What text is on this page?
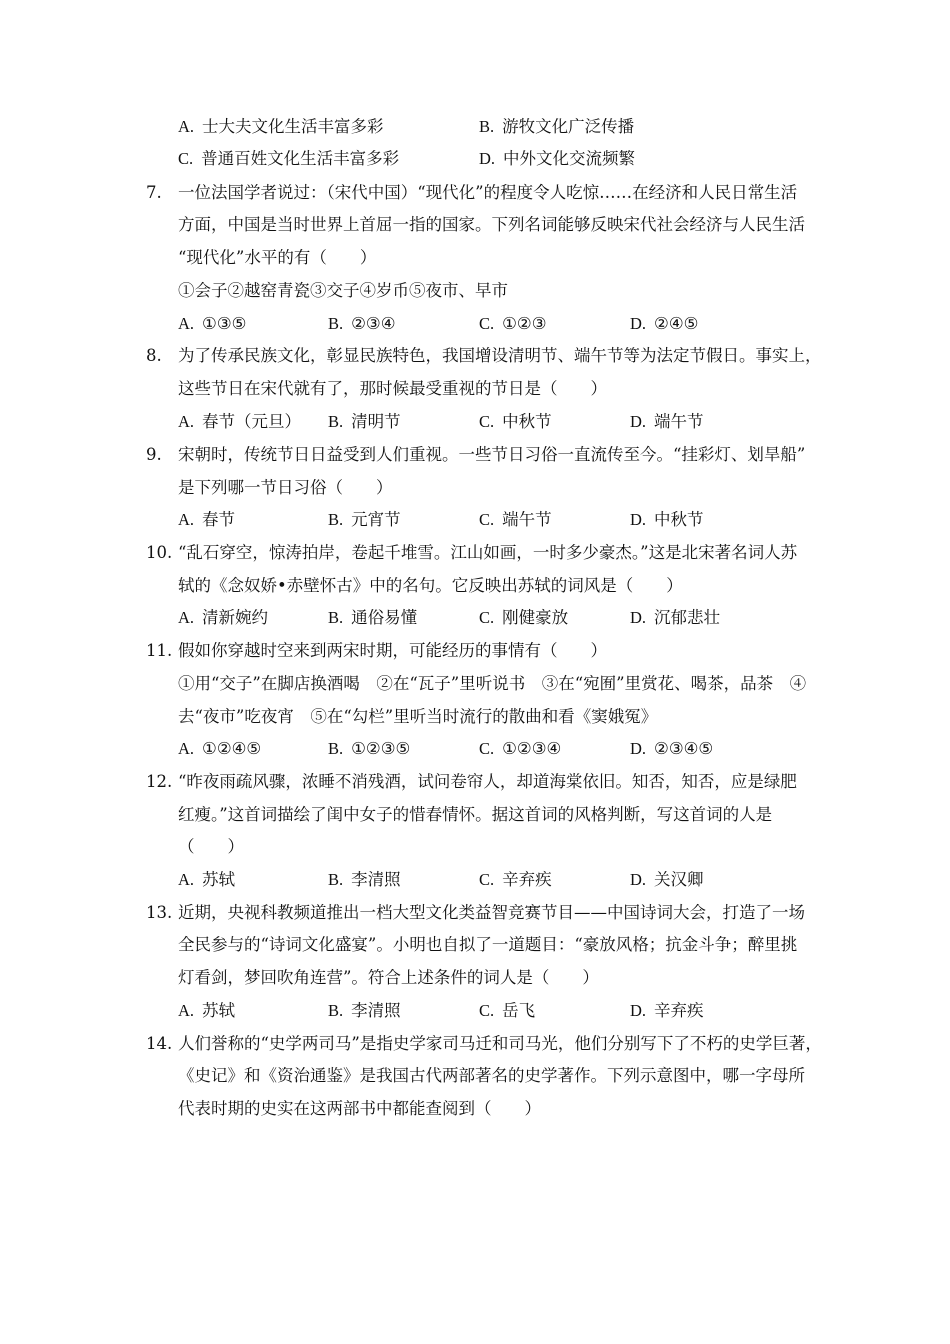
A. 士大夫文化生活丰富多彩	B. 游牧文化广泛传播
C. 普通百姓文化生活丰富多彩	D. 中外文化交流频繁
7. 一位法国学者说过：（宋代中国）“现代化”的程度令人吃惊……在经济和人民日常生活
方面，中国是当时世界上首屈一指的国家。下列名词能够反映宋代社会经济与人民生活
“现代化”水平的有（　　）
①会子②越窑青瓷③交子④岁币⑤夜市、早市
A. ①③⑤	B. ②③④	C. ①②③	D. ②④⑤
8. 为了传承民族文化，彰显民族特色，我国增设清明节、端午节等为法定节假日。事实上，
这些节日在宋代就有了，那时候最受重视的节日是（　　）
A. 春节（元旦） B. 清明节	C. 中秋节	D. 端午节
9. 宋朝时，传统节日日益受到人们重视。一些节日习俗一直流传至今。“挂彩灯、划旱船”
是下列哪一节日习俗（　　）
A. 春节	B. 元宵节	C. 端午节	D. 中秋节
10. “乱石穿空，惊涛拍岸，卷起千堆雪。江山如画，一时多少豪杰。”这是北宋著名词人苏
轼的《念奴娇•赤壁怀古》中的名句。它反映出苏轼的词风是（　　）
A. 清新婉约	B. 通俗易懂	C. 刚健豪放	D. 沉郁悲壮
11. 假如你穿越时空来到两宋时期，可能经历的事情有（　　）
①用“交子”在脚店换酒喝　②在“瓦子”里听说书　③在“宛囿”里赏花、喝茶，品茶　④
去“夜市”吃夜宵　⑤在“勾栏”里听当时流行的散曲和看《窦娥冤》
A. ①②④⑤	B. ①②③⑤	C. ①②③④	D. ②③④⑤
12. “昨夜雨疏风骤，浓睡不消残酒，试问卷帘人，却道海棠依旧。知否，知否，应是绿肥
红瘦。”这首词描绘了闺中女子的惜春情怀。据这首词的风格判断，写这首词的人是
（　　）
A. 苏轼	B. 李清照	C. 辛弃疾	D. 关汉卿
13. 近期，央视科教频道推出一档大型文化类益智竞赛节目——中国诗词大会，打造了一场
全民参与的“诗词文化盛宴”。小明也自拟了一道题目：“豪放风格；抗金斗争；醉里挑
灯看剑，梦回吹角连营”。符合上述条件的词人是（　　）
A. 苏轼	B. 李清照	C. 岳飞	D. 辛弃疾
14. 人们誉称的“史学两司马”是指史学家司马迁和司马光，他们分别写下了不朽的史学巨著，
《史记》和《资治通鉴》是我国古代两部著名的史学著作。下列示意图中，哪一字母所
代表时期的史实在这两部书中都能查阅到（　　）
